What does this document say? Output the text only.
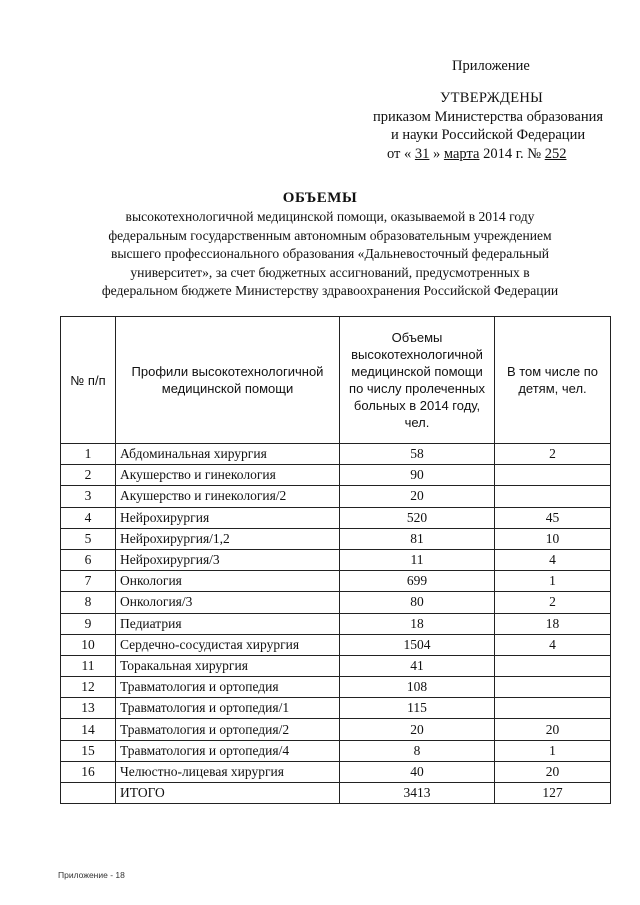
Приложение
УТВЕРЖДЕНЫ
приказом Министерства образования
и науки Российской Федерации
от « 31 » марта 2014 г. № 252
ОБЪЕМЫ
высокотехнологичной медицинской помощи, оказываемой в 2014 году федеральным государственным автономным образовательным учреждением высшего профессионального образования «Дальневосточный федеральный университет», за счет бюджетных ассигнований, предусмотренных в федеральном бюджете Министерству здравоохранения Российской Федерации
№ п/п	Профили высокотехнологичной медицинской помощи	Объемы высокотехнологичной медицинской помощи по числу пролеченных больных в 2014 году, чел.	В том числе по детям, чел.
1	Абдоминальная хирургия	58	2
2	Акушерство и гинекология	90	
3	Акушерство и гинекология/2	20	
4	Нейрохирургия	520	45
5	Нейрохирургия/1,2	81	10
6	Нейрохирургия/3	11	4
7	Онкология	699	1
8	Онкология/3	80	2
9	Педиатрия	18	18
10	Сердечно-сосудистая хирургия	1504	4
11	Торакальная хирургия	41	
12	Травматология и ортопедия	108	
13	Травматология и ортопедия/1	115	
14	Травматология и ортопедия/2	20	20
15	Травматология и ортопедия/4	8	1
16	Челюстно-лицевая хирургия	40	20
	ИТОГО	3413	127
Приложение - 18
